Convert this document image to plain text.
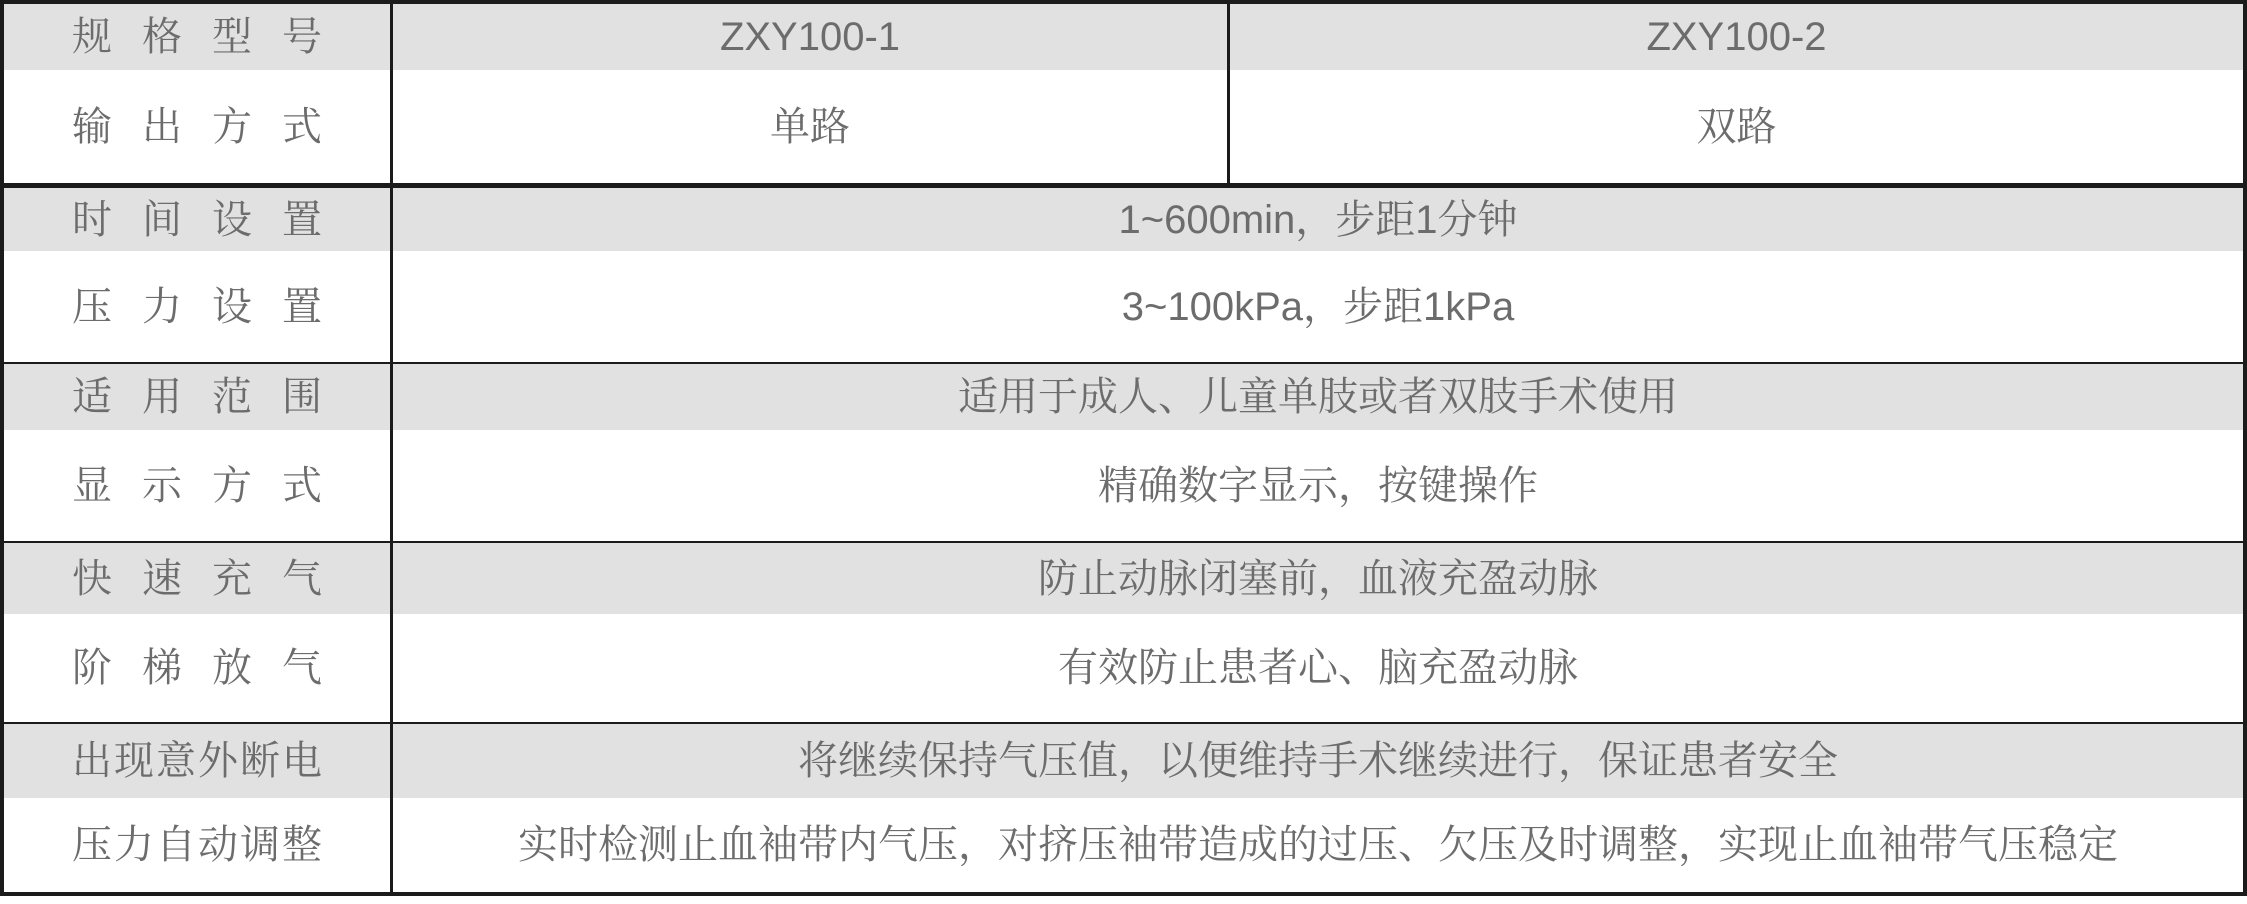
规格型号	ZXY100-1	ZXY100-2
输出方式	单路	双路
时间设置	1~600min，步距1分钟
压力设置	3~100kPa，步距1kPa
适用范围	适用于成人、儿童单肢或者双肢手术使用
显示方式	精确数字显示，按键操作
快速充气	防止动脉闭塞前，血液充盈动脉
阶梯放气	有效防止患者心、脑充盈动脉
出现意外断电	将继续保持气压值，以便维持手术继续进行，保证患者安全
压力自动调整	实时检测止血袖带内气压，对挤压袖带造成的过压、欠压及时调整，实现止血袖带气压稳定
